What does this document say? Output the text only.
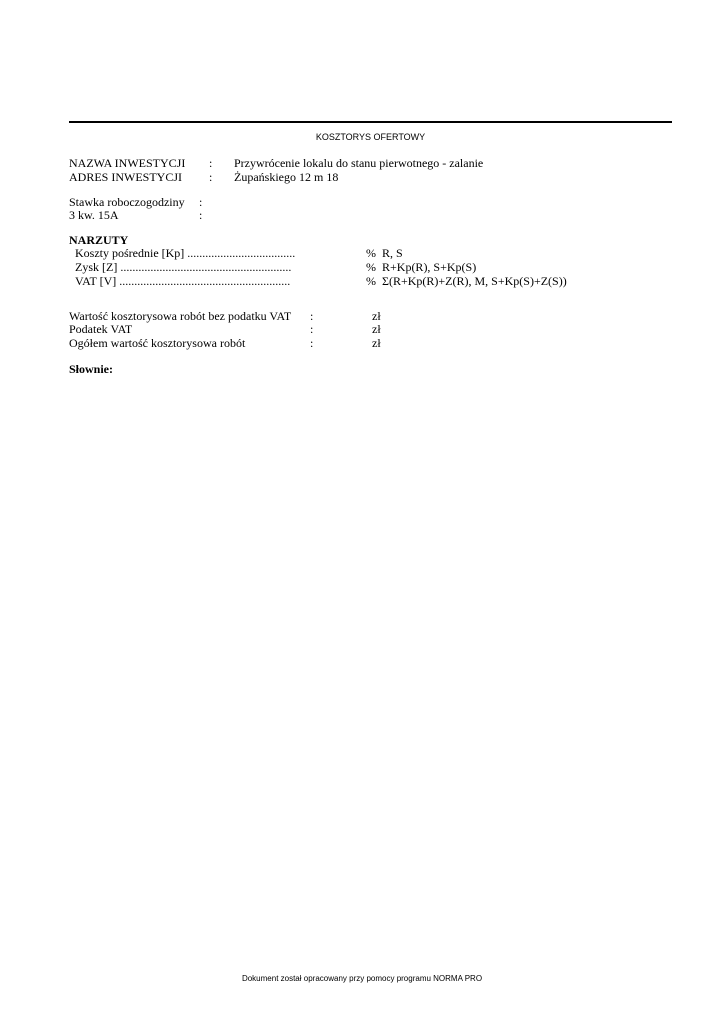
KOSZTORYS OFERTOWY
NAZWA INWESTYCJI : Przywrócenie lokalu do stanu pierwotnego - zalanie
ADRES INWESTYCJI : Żupańskiego 12 m 18
Stawka roboczogodziny :
3 kw. 15A	:
NARZUTY
Koszty pośrednie [Kp] ....................................	% R, S
Zysk [Z] .........................................................	% R+Kp(R), S+Kp(S)
VAT [V] .........................................................	% Σ(R+Kp(R)+Z(R), M, S+Kp(S)+Z(S))
Wartość kosztorysowa robót bez podatku VAT :	zł
Podatek VAT	:	zł
Ogółem wartość kosztorysowa robót	:	zł
Słownie:
Dokument został opracowany przy pomocy programu NORMA PRO
